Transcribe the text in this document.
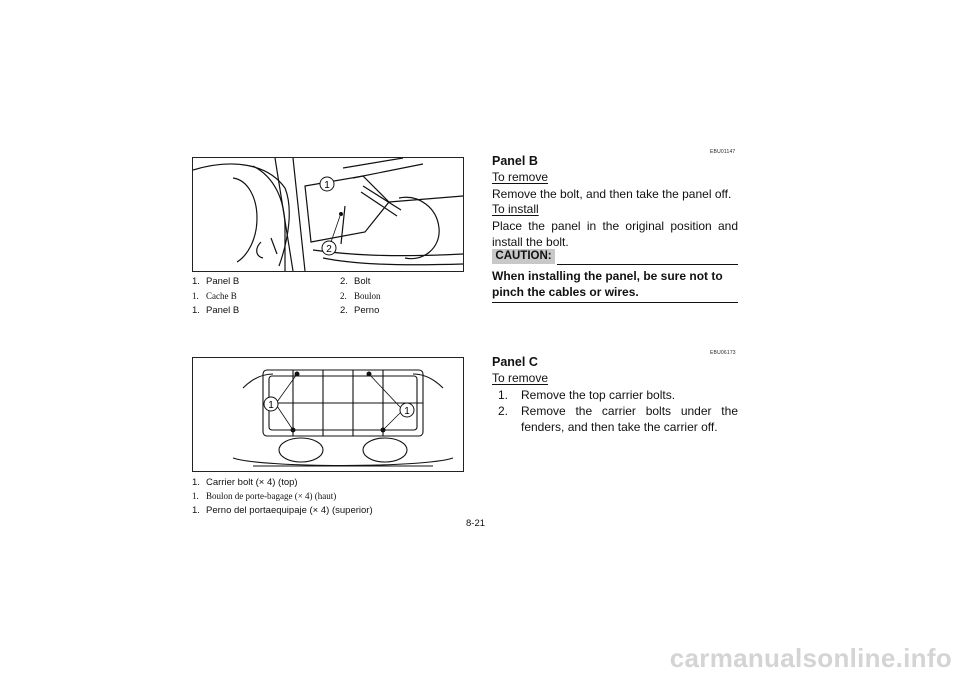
1
2
1. Panel B	2. Bolt
1. Cache B	2. Boulon
1. Panel B	2. Perno
1
1
1. Carrier bolt (× 4) (top)
1. Boulon de porte-bagage (× 4) (haut)
1. Perno del portaequipaje (× 4) (superior)
EBU01147
Panel B
To remove
Remove the bolt, and then take the panel off.
To install
Place the panel in the original position and install the bolt.
CAUTION:
When installing the panel, be sure not to pinch the cables or wires.
EBU06173
Panel C
To remove
1. Remove the top carrier bolts.
2. Remove the carrier bolts under the fenders, and then take the carrier off.
8-21
carmanualsonline.info
